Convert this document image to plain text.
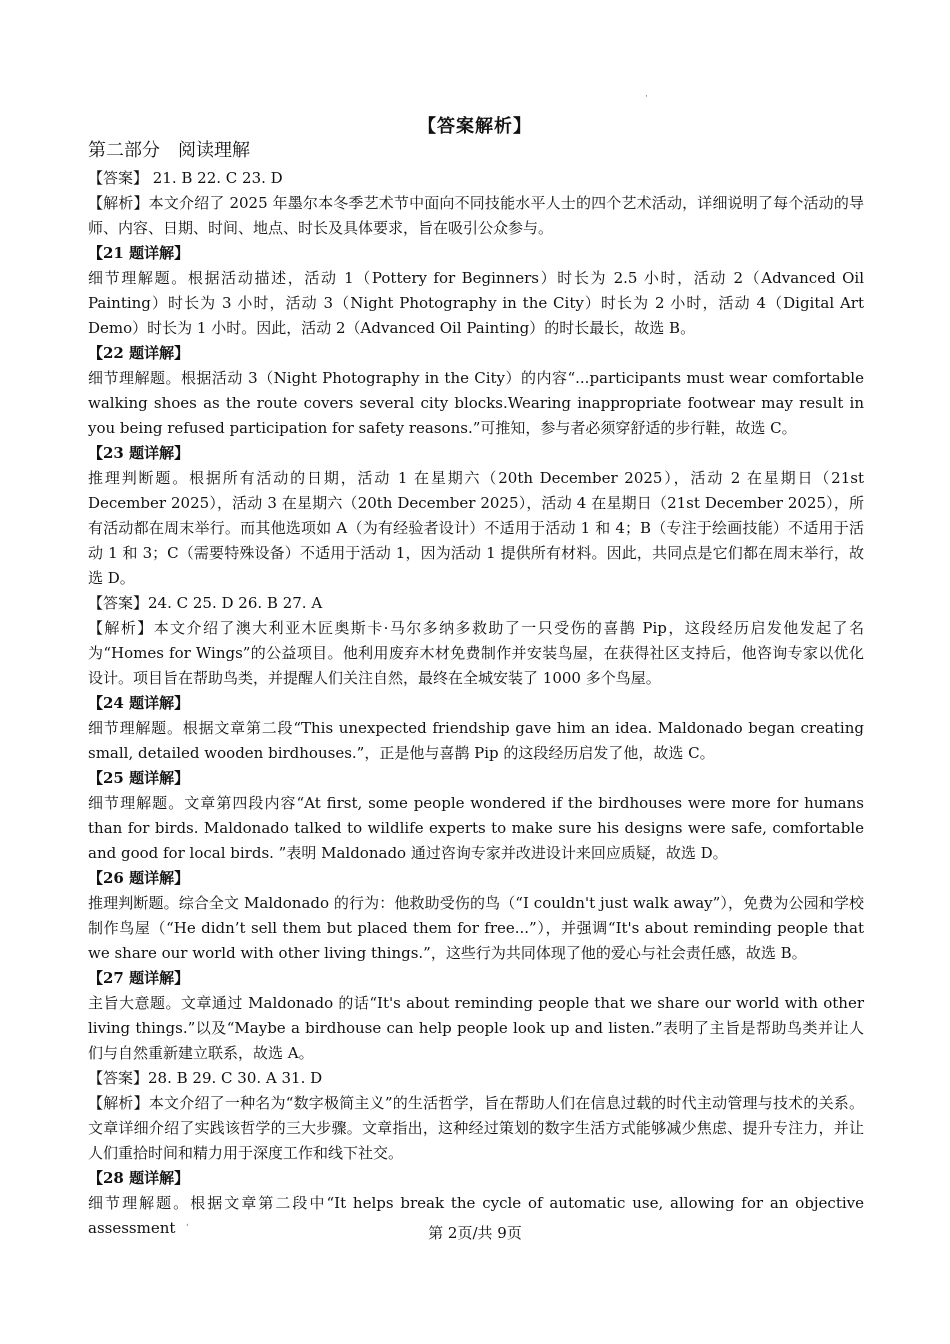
·
【答案解析】

第二部分　阅读理解

【答案】 21. B 22. C 23. D

【解析】本文介绍了 2025 年墨尔本冬季艺术节中面向不同技能水平人士的四个艺术活动，详细说明了每个活动的导师、内容、日期、时间、地点、时长及具体要求，旨在吸引公众参与。

【21 题详解】

细节理解题。根据活动描述，活动 1（Pottery for Beginners）时长为 2.5 小时，活动 2（Advanced Oil Painting）时长为 3 小时，活动 3（Night Photography in the City）时长为 2 小时，活动 4（Digital Art Demo）时长为 1 小时。因此，活动 2（Advanced Oil Painting）的时长最长，故选 B。

【22 题详解】

细节理解题。根据活动 3（Night Photography in the City）的内容“...participants must wear comfortable walking shoes as the route covers several city blocks.Wearing inappropriate footwear may result in you being refused participation for safety reasons.”可推知，参与者必须穿舒适的步行鞋，故选 C。

【23 题详解】

推理判断题。根据所有活动的日期，活动 1 在星期六（20th December 2025），活动 2 在星期日（21st December 2025），活动 3 在星期六（20th December 2025），活动 4 在星期日（21st December 2025），所有活动都在周末举行。而其他选项如 A（为有经验者设计）不适用于活动 1 和 4；B（专注于绘画技能）不适用于活动 1 和 3；C（需要特殊设备）不适用于活动 1，因为活动 1 提供所有材料。因此，共同点是它们都在周末举行，故选 D。

【答案】24. C 25. D 26. B 27. A

【解析】本文介绍了澳大利亚木匠奥斯卡·马尔多纳多救助了一只受伤的喜鹊 Pip，这段经历启发他发起了名为“Homes for Wings”的公益项目。他利用废弃木材免费制作并安装鸟屋，在获得社区支持后，他咨询专家以优化设计。项目旨在帮助鸟类，并提醒人们关注自然，最终在全城安装了 1000 多个鸟屋。

【24 题详解】

细节理解题。根据文章第二段“This unexpected friendship gave him an idea. Maldonado began creating small, detailed wooden birdhouses.”，正是他与喜鹊 Pip 的这段经历启发了他，故选 C。

【25 题详解】

细节理解题。文章第四段内容“At first, some people wondered if the birdhouses were more for humans than for birds. Maldonado talked to wildlife experts to make sure his designs were safe, comfortable and good for local birds. ”表明 Maldonado 通过咨询专家并改进设计来回应质疑，故选 D。

【26 题详解】

推理判断题。综合全文 Maldonado 的行为：他救助受伤的鸟（“I couldn't just walk away”），免费为公园和学校制作鸟屋（“He didn’t sell them but placed them for free...”），并强调“It's about reminding people that we share our world with other living things.”，这些行为共同体现了他的爱心与社会责任感，故选 B。

【27 题详解】

主旨大意题。文章通过 Maldonado 的话“It's about reminding people that we share our world with other living things.”以及“Maybe a birdhouse can help people look up and listen.”表明了主旨是帮助鸟类并让人们与自然重新建立联系，故选 A。

【答案】28. B 29. C 30. A 31. D

【解析】本文介绍了一种名为“数字极简主义”的生活哲学，旨在帮助人们在信息过载的时代主动管理与技术的关系。文章详细介绍了实践该哲学的三大步骤。文章指出，这种经过策划的数字生活方式能够减少焦虑、提升专注力，并让人们重拾时间和精力用于深度工作和线下社交。

【28 题详解】

细节理解题。根据文章第二段中“It helps break the cycle of automatic use, allowing for an objective assessment	第 2页/共 9页
ˈ
